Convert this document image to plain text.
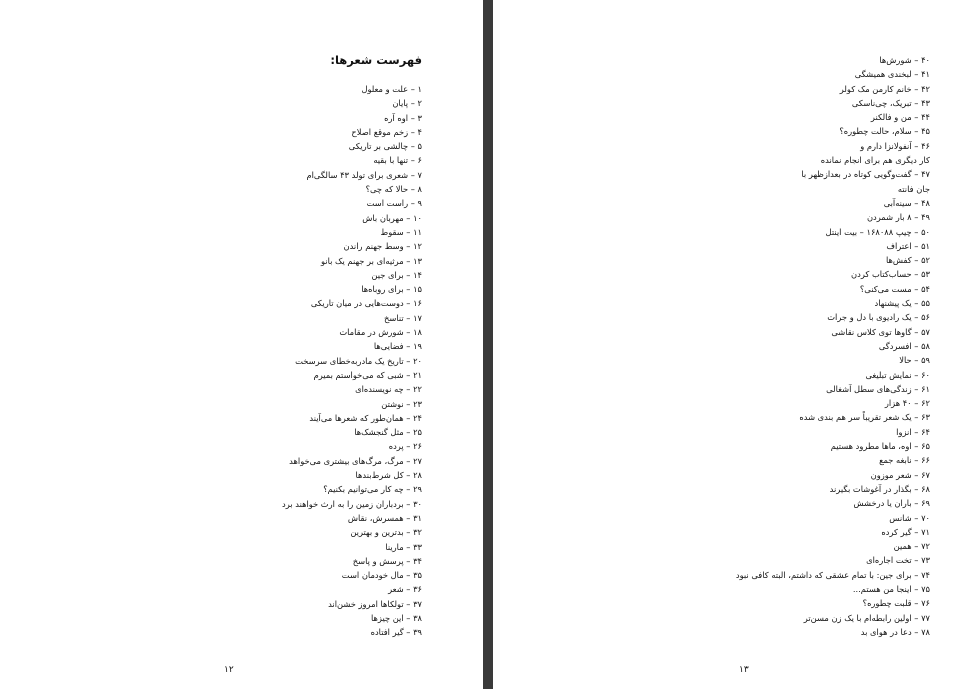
فهرست شعرها:
۱ – علت و معلول
۲ – پایان
۳ – اوه آره
۴ – زخم موقع اصلاح
۵ – چالشی بر تاریکی
۶ – تنها با بقیه
۷ – شعری برای تولد ۴۳ سالگی‌ام
۸ – حالا که چی؟
۹ – راست است
۱۰ – مهربان باش
۱۱ – سقوط
۱۲ – وسط جهنم راندن
۱۳ – مرثیه‌ای بر جهنم یک بانو
۱۴ – برای جین
۱۵ – برای روباه‌ها
۱۶ – دوست‌هایی در میان تاریکی
۱۷ – تناسخ
۱۸ – شورش در مقامات
۱۹ – فضایی‌ها
۲۰ – تاریخ یک مادربه‌خطای سرسخت
۲۱ – شبی که می‌خواستم بمیرم
۲۲ – چه نویسنده‌ای
۲۳ – نوشتن
۲۴ – همان‌طور که شعرها می‌آیند
۲۵ – مثل گنجشک‌ها
۲۶ – پرده
۲۷ – مرگ، مرگ‌های بیشتری می‌خواهد
۲۸ – کل شرط‌بندها
۲۹ – چه کار می‌توانیم بکنیم؟
۳۰ – بردباران زمین را به ارث خواهند برد
۳۱ – همسرش، نقاش
۳۲ – بدترین و بهترین
۳۳ – مارینا
۳۴ – پرسش و پاسخ
۳۵ – مال خودمان است
۳۶ – شعر
۳۷ – تولکاها امروز خشن‌اند
۳۸ – این چیزها
۳۹ – گیر افتاده
۱۲
۴۰ – شورش‌ها
۴۱ – لبخندی همیشگی
۴۲ – خانم کارمن مک کولر
۴۳ – تبریک، چی‌ناسکی
۴۴ – من و فالکنر
۴۵ – سلام، حالت چطوره؟
۴۶ – آنفولانزا دارم و
کار دیگری هم برای انجام نمانده
۴۷ – گفت‌وگویی کوتاه در بعدازظهر با
جان فانته
۴۸ – سینه‌آبی
۴۹ – ۸ بار شمردن
۵۰ – چیپ ۱۶۸۰۸۸ – بیت اینتل
۵۱ – اعتراف
۵۲ – کفش‌ها
۵۳ – حساب‌کتاب کردن
۵۴ – مست می‌کنی؟
۵۵ – یک پیشنهاد
۵۶ – یک رادیوی با دل و جرات
۵۷ – گاوها توی کلاس نقاشی
۵۸ – افسردگی
۵۹ – حالا
۶۰ – نمایش تبلیغی
۶۱ – زندگی‌های سطل آشغالی
۶۲ – ۴۰ هزار
۶۳ – یک شعر تقریباً سر هم بندی شده
۶۴ – انزوا
۶۵ – اوه، ماها مطرود هستیم
۶۶ – نابغه جمع
۶۷ – شعر موزون
۶۸ – بگذار در آغوشات بگیرند
۶۹ – باران یا درخشش
۷۰ – شانس
۷۱ – گیر کرده
۷۲ – همین
۷۳ – تخت اجاره‌ای
۷۴ – برای جین: با تمام عشقی که داشتم، البته کافی نبود
۷۵ – اینجا من هستم...
۷۶ – قلبت چطوره؟
۷۷ – اولین رابطه‌ام با یک زن مسن‌تر
۷۸ – دعا در هوای بد
۱۳
